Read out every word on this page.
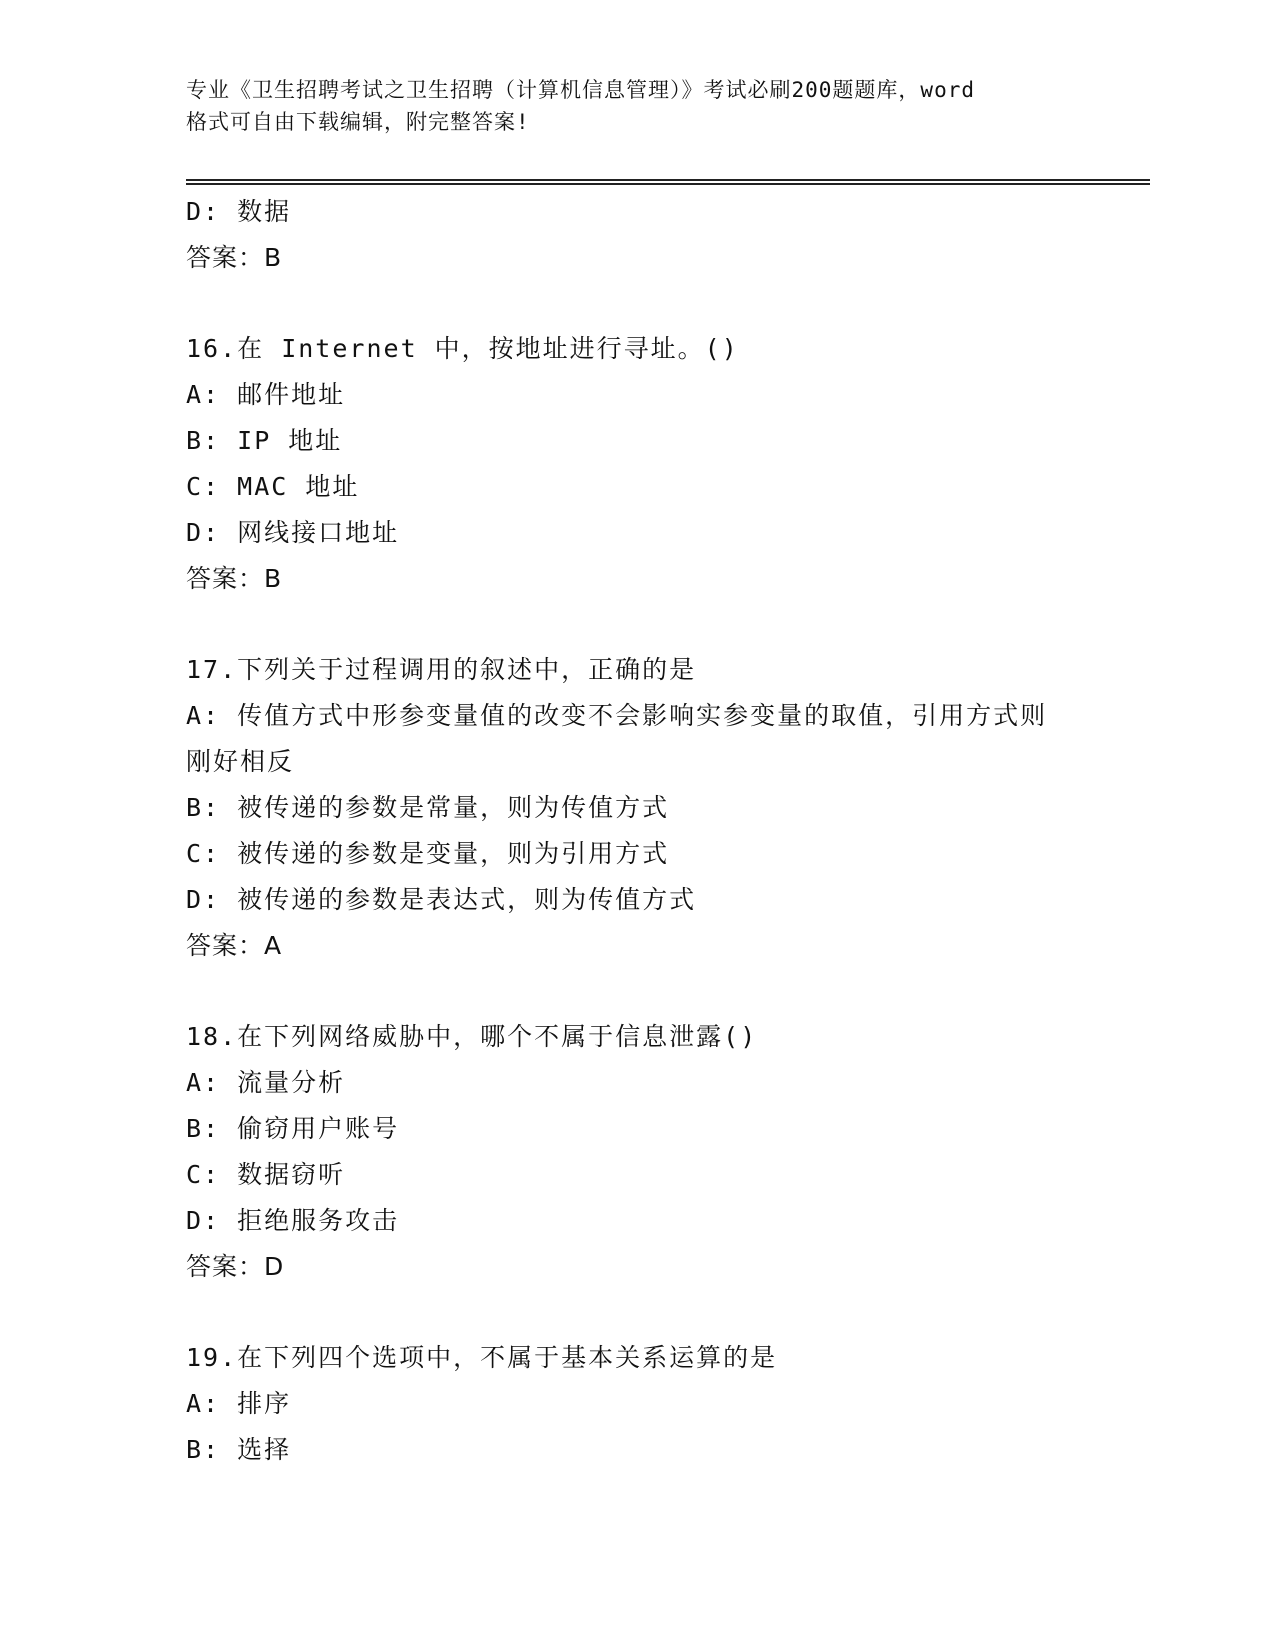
专业《卫生招聘考试之卫生招聘（计算机信息管理）》考试必刷200题题库，word
格式可自由下载编辑，附完整答案!
D: 数据
答案：B
16.在 Internet 中，按地址进行寻址。()
A: 邮件地址
B: IP 地址
C: MAC 地址
D: 网线接口地址
答案：B
17.下列关于过程调用的叙述中，正确的是
A: 传值方式中形参变量值的改变不会影响实参变量的取值，引用方式则刚好相反
B: 被传递的参数是常量，则为传值方式
C: 被传递的参数是变量，则为引用方式
D: 被传递的参数是表达式，则为传值方式
答案：A
18.在下列网络威胁中，哪个不属于信息泄露()
A: 流量分析
B: 偷窃用户账号
C: 数据窃听
D: 拒绝服务攻击
答案：D
19.在下列四个选项中，不属于基本关系运算的是
A: 排序
B: 选择
